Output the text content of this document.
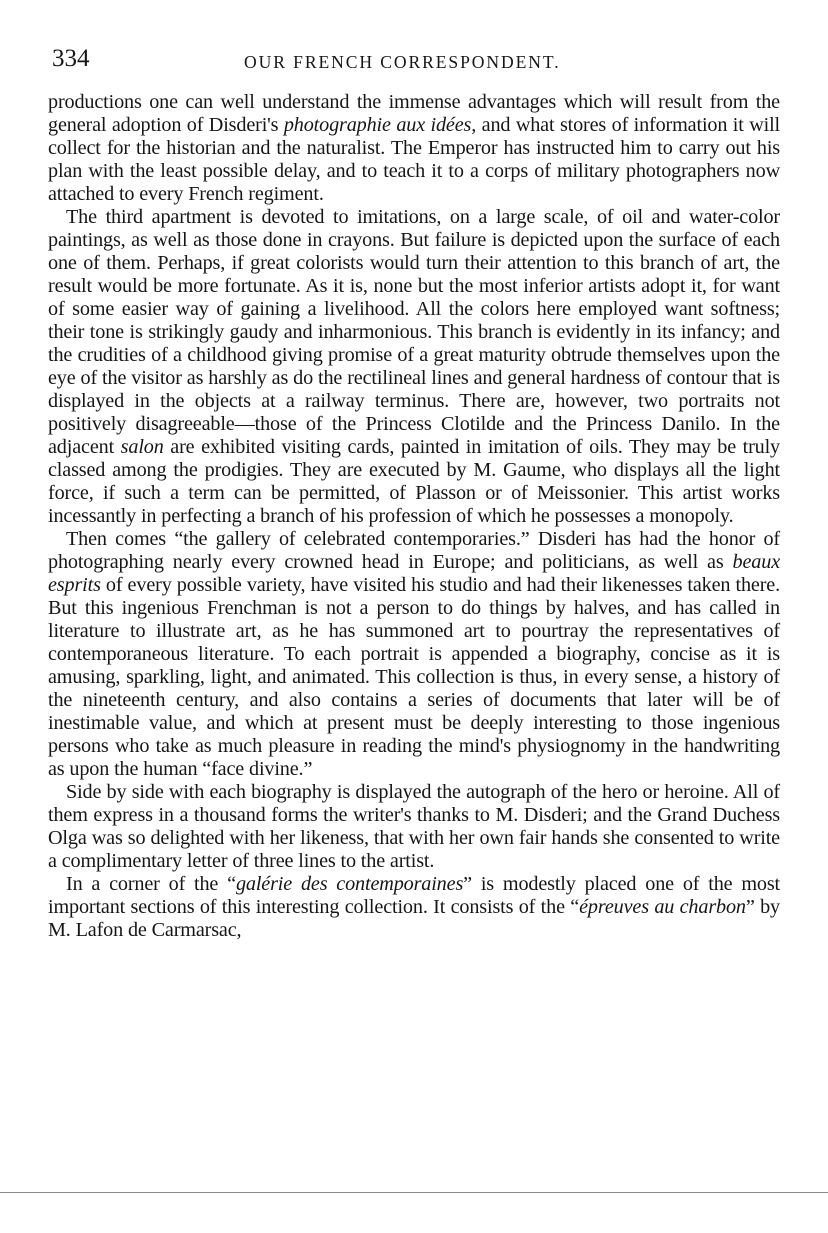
334	OUR FRENCH CORRESPONDENT.

productions one can well understand the immense advantages which will result from the general adoption of Disderi's photographie aux idées, and what stores of information it will collect for the historian and the naturalist. The Emperor has instructed him to carry out his plan with the least possible delay, and to teach it to a corps of military photographers now attached to every French regiment.

The third apartment is devoted to imitations, on a large scale, of oil and water-color paintings, as well as those done in crayons. But failure is depicted upon the surface of each one of them. Perhaps, if great colorists would turn their attention to this branch of art, the result would be more fortunate. As it is, none but the most inferior artists adopt it, for want of some easier way of gaining a livelihood. All the colors here employed want softness; their tone is strikingly gaudy and inharmonious. This branch is evidently in its infancy; and the crudities of a childhood giving promise of a great maturity obtrude themselves upon the eye of the visitor as harshly as do the rectilineal lines and general hardness of contour that is displayed in the objects at a railway terminus. There are, however, two portraits not positively disagreeable—those of the Princess Clotilde and the Princess Danilo. In the adjacent salon are exhibited visiting cards, painted in imitation of oils. They may be truly classed among the prodigies. They are executed by M. Gaume, who displays all the light force, if such a term can be permitted, of Plasson or of Meissonier. This artist works incessantly in perfecting a branch of his profession of which he possesses a monopoly.

Then comes “the gallery of celebrated contemporaries.” Disderi has had the honor of photographing nearly every crowned head in Europe; and politicians, as well as beaux esprits of every possible variety, have visited his studio and had their likenesses taken there. But this ingenious Frenchman is not a person to do things by halves, and has called in literature to illustrate art, as he has summoned art to pourtray the representatives of contemporaneous literature. To each portrait is appended a biography, concise as it is amusing, sparkling, light, and animated. This collection is thus, in every sense, a history of the nineteenth century, and also contains a series of documents that later will be of inestimable value, and which at present must be deeply interesting to those ingenious persons who take as much pleasure in reading the mind's physiognomy in the handwriting as upon the human “face divine.”

Side by side with each biography is displayed the autograph of the hero or heroine. All of them express in a thousand forms the writer's thanks to M. Disderi; and the Grand Duchess Olga was so delighted with her likeness, that with her own fair hands she consented to write a complimentary letter of three lines to the artist.

In a corner of the “galérie des contemporaines” is modestly placed one of the most important sections of this interesting collection. It consists of the “épreuves au charbon” by M. Lafon de Carmarsac,
